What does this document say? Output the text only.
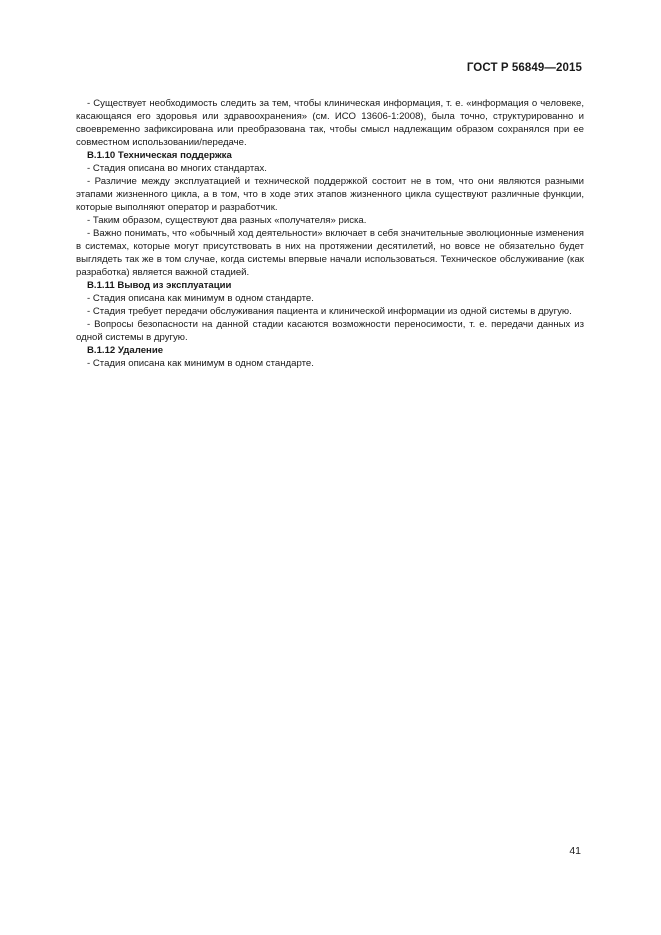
ГОСТ Р 56849—2015

- Существует необходимость следить за тем, чтобы клиническая информация, т. е. «информация о человеке, касающаяся его здоровья или здравоохранения» (см. ИСО 13606-1:2008), была точно, структурированно и своевременно зафиксирована или преобразована так, чтобы смысл надлежащим образом сохранялся при ее совместном использовании/передаче.

В.1.10 Техническая поддержка

- Стадия описана во многих стандартах.

- Различие между эксплуатацией и технической поддержкой состоит не в том, что они являются разными этапами жизненного цикла, а в том, что в ходе этих этапов жизненного цикла существуют различные функции, которые выполняют оператор и разработчик.

- Таким образом, существуют два разных «получателя» риска.

- Важно понимать, что «обычный ход деятельности» включает в себя значительные эволюционные изменения в системах, которые могут присутствовать в них на протяжении десятилетий, но вовсе не обязательно будет выглядеть так же в том случае, когда системы впервые начали использоваться. Техническое обслуживание (как разработка) является важной стадией.

В.1.11 Вывод из эксплуатации

- Стадия описана как минимум в одном стандарте.

- Стадия требует передачи обслуживания пациента и клинической информации из одной системы в другую.

- Вопросы безопасности на данной стадии касаются возможности переносимости, т. е. передачи данных из одной системы в другую.

В.1.12 Удаление

- Стадия описана как минимум в одном стандарте.

41
